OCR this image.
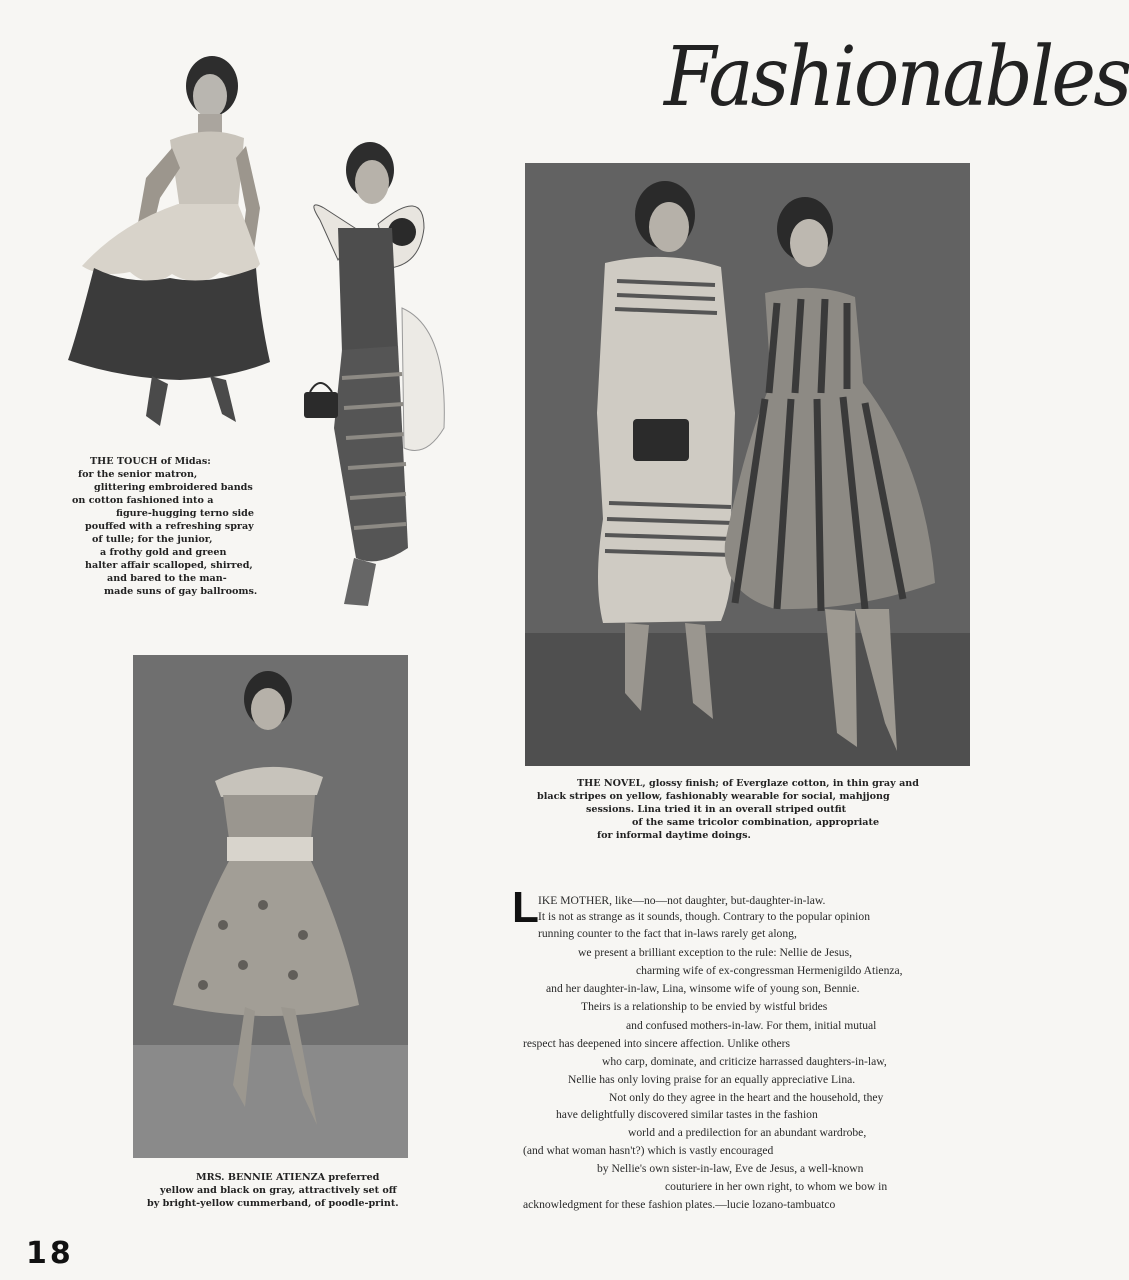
Fashionables
THE TOUCH of Midas:
for the senior matron,
glittering embroidered bands
on cotton fashioned into a
figure-hugging terno side
pouffed with a refreshing spray
of tulle; for the junior,
a frothy gold and green
halter affair scalloped, shirred,
and bared to the man-
made suns of gay ballrooms.
THE NOVEL, glossy finish; of Everglaze cotton, in thin gray and
black stripes on yellow, fashionably wearable for social, mahjjong
sessions. Lina tried it in an overall striped outfit
of the same tricolor combination, appropriate
for informal daytime doings.
MRS. BENNIE ATIENZA preferred
yellow and black on gray, attractively set off
by bright-yellow cummerband, of poodle-print.
L IKE MOTHER, like—no—not daughter, but-daughter-in-law.
It is not as strange as it sounds, though. Contrary to the popular opinion
running counter to the fact that in-laws rarely get along,
we present a brilliant exception to the rule: Nellie de Jesus,
charming wife of ex-congressman Hermenigildo Atienza,
and her daughter-in-law, Lina, winsome wife of young son, Bennie.
Theirs is a relationship to be envied by wistful brides
and confused mothers-in-law. For them, initial mutual
respect has deepened into sincere affection. Unlike others
who carp, dominate, and criticize harrassed daughters-in-law,
Nellie has only loving praise for an equally appreciative Lina.
Not only do they agree in the heart and the household, they
have delightfully discovered similar tastes in the fashion
world and a predilection for an abundant wardrobe,
(and what woman hasn't?) which is vastly encouraged
by Nellie's own sister-in-law, Eve de Jesus, a well-known
couturiere in her own right, to whom we bow in
acknowledgment for these fashion plates.—lucie lozano-tambuatco
18
